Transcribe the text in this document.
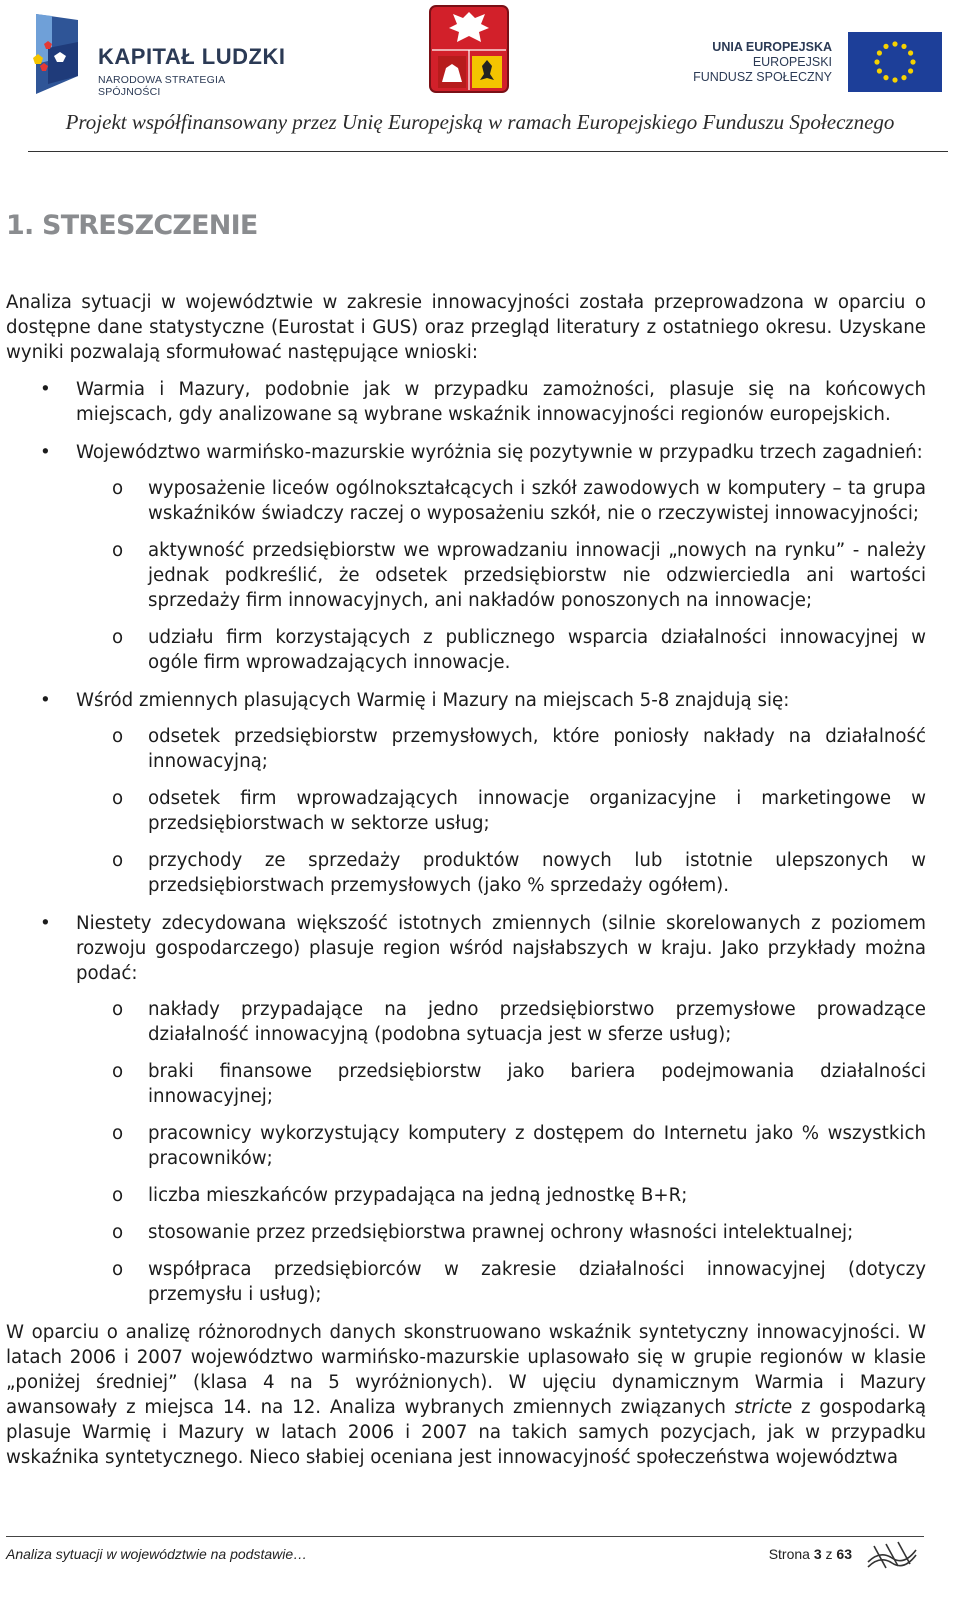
KAPITAŁ LUDZKI
NARODOWA STRATEGIA SPÓJNOŚCI
UNIA EUROPEJSKA
EUROPEJSKI
FUNDUSZ SPOŁECZNY
Projekt współfinansowany przez Unię Europejską w ramach Europejskiego Funduszu Społecznego
1. STRESZCZENIE

Analiza sytuacji w województwie w zakresie innowacyjności została przeprowadzona w oparciu o dostępne dane statystyczne (Eurostat i GUS) oraz przegląd literatury z ostatniego okresu. Uzyskane wyniki pozwalają sformułować następujące wnioski:

• Warmia i Mazury, podobnie jak w przypadku zamożności, plasuje się na końcowych miejscach, gdy analizowane są wybrane wskaźnik innowacyjności regionów europejskich.
• Województwo warmińsko-mazurskie wyróżnia się pozytywnie w przypadku trzech zagadnień:
o wyposażenie liceów ogólnokształcących i szkół zawodowych w komputery – ta grupa wskaźników świadczy raczej o wyposażeniu szkół, nie o rzeczywistej innowacyjności;
o aktywność przedsiębiorstw we wprowadzaniu innowacji „nowych na rynku” - należy jednak podkreślić, że odsetek przedsiębiorstw nie odzwierciedla ani wartości sprzedaży firm innowacyjnych, ani nakładów ponoszonych na innowacje;
o udziału firm korzystających z publicznego wsparcia działalności innowacyjnej w ogóle firm wprowadzających innowacje.
• Wśród zmiennych plasujących Warmię i Mazury na miejscach 5-8 znajdują się:
o odsetek przedsiębiorstw przemysłowych, które poniosły nakłady na działalność innowacyjną;
o odsetek firm wprowadzających innowacje organizacyjne i marketingowe w przedsiębiorstwach w sektorze usług;
o przychody ze sprzedaży produktów nowych lub istotnie ulepszonych w przedsiębiorstwach przemysłowych (jako % sprzedaży ogółem).
• Niestety zdecydowana większość istotnych zmiennych (silnie skorelowanych z poziomem rozwoju gospodarczego) plasuje region wśród najsłabszych w kraju. Jako przykłady można podać:
o nakłady przypadające na jedno przedsiębiorstwo przemysłowe prowadzące działalność innowacyjną (podobna sytuacja jest w sferze usług);
o braki finansowe przedsiębiorstw jako bariera podejmowania działalności innowacyjnej;
o pracownicy wykorzystujący komputery z dostępem do Internetu jako % wszystkich pracowników;
o liczba mieszkańców przypadająca na jedną jednostkę B+R;
o stosowanie przez przedsiębiorstwa prawnej ochrony własności intelektualnej;
o współpraca przedsiębiorców w zakresie działalności innowacyjnej (dotyczy przemysłu i usług);

W oparciu o analizę różnorodnych danych skonstruowano wskaźnik syntetyczny innowacyjności. W latach 2006 i 2007 województwo warmińsko-mazurskie uplasowało się w grupie regionów w klasie „poniżej średniej” (klasa 4 na 5 wyróżnionych). W ujęciu dynamicznym Warmia i Mazury awansowały z miejsca 14. na 12. Analiza wybranych zmiennych związanych stricte z gospodarką plasuje Warmię i Mazury w latach 2006 i 2007 na takich samych pozycjach, jak w przypadku wskaźnika syntetycznego. Nieco słabiej oceniana jest innowacyjność społeczeństwa województwa

Analiza sytuacji w województwie na podstawie…	Strona 3 z 63
